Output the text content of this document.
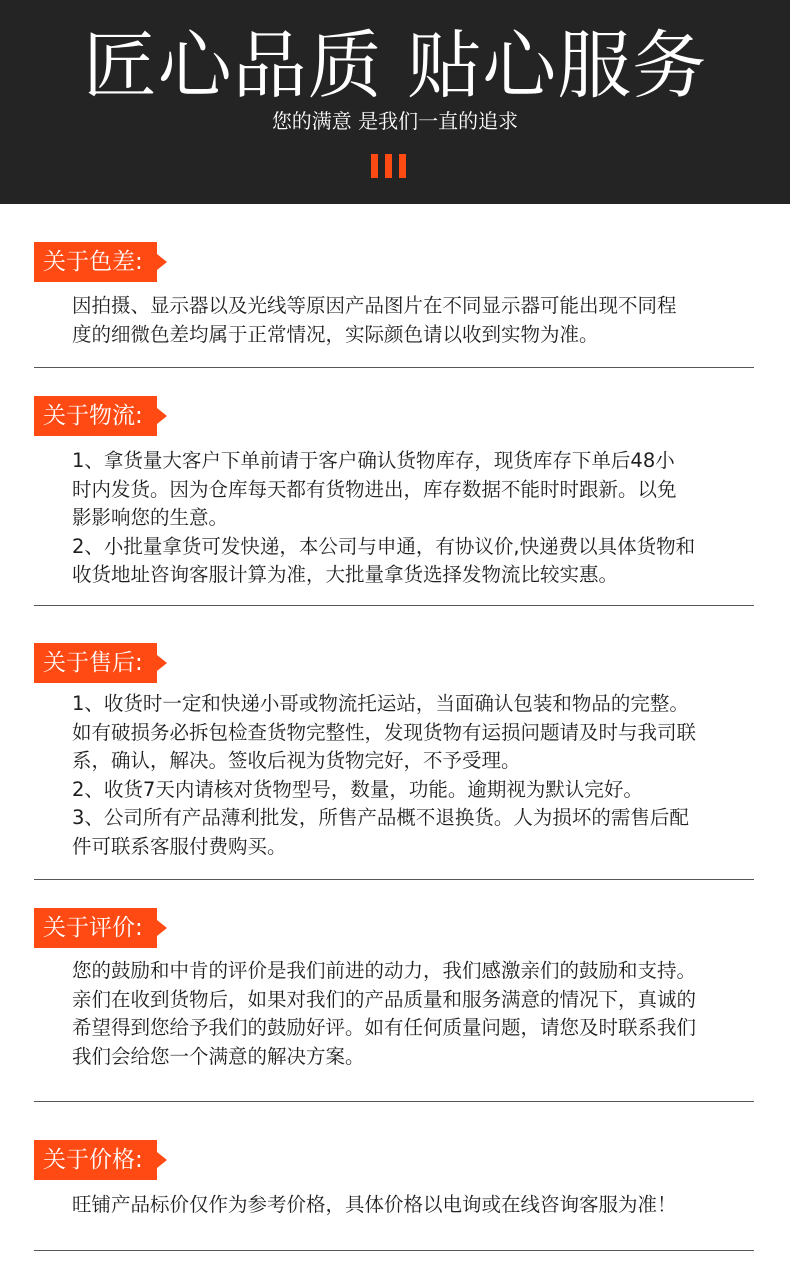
匠心品质 贴心服务
您的满意 是我们一直的追求
关于色差:
因拍摄、显示器以及光线等原因产品图片在不同显示器可能出现不同程
度的细微色差均属于正常情况，实际颜色请以收到实物为准。
关于物流:
1、拿货量大客户下单前请于客户确认货物库存，现货库存下单后48小
时内发货。因为仓库每天都有货物进出，库存数据不能时时跟新。以免
影影响您的生意。
2、小批量拿货可发快递，本公司与申通，有协议价,快递费以具体货物和
收货地址咨询客服计算为准，大批量拿货选择发物流比较实惠。
关于售后:
1、收货时一定和快递小哥或物流托运站，当面确认包装和物品的完整。
如有破损务必拆包检查货物完整性，发现货物有运损问题请及时与我司联
系，确认，解决。签收后视为货物完好，不予受理。
2、收货7天内请核对货物型号，数量，功能。逾期视为默认完好。
3、公司所有产品薄利批发，所售产品概不退换货。人为损坏的需售后配
件可联系客服付费购买。
关于评价:
您的鼓励和中肯的评价是我们前进的动力，我们感激亲们的鼓励和支持。
亲们在收到货物后，如果对我们的产品质量和服务满意的情况下，真诚的
希望得到您给予我们的鼓励好评。如有任何质量问题，请您及时联系我们
我们会给您一个满意的解决方案。
关于价格:
旺铺产品标价仅作为参考价格，具体价格以电询或在线咨询客服为准！
